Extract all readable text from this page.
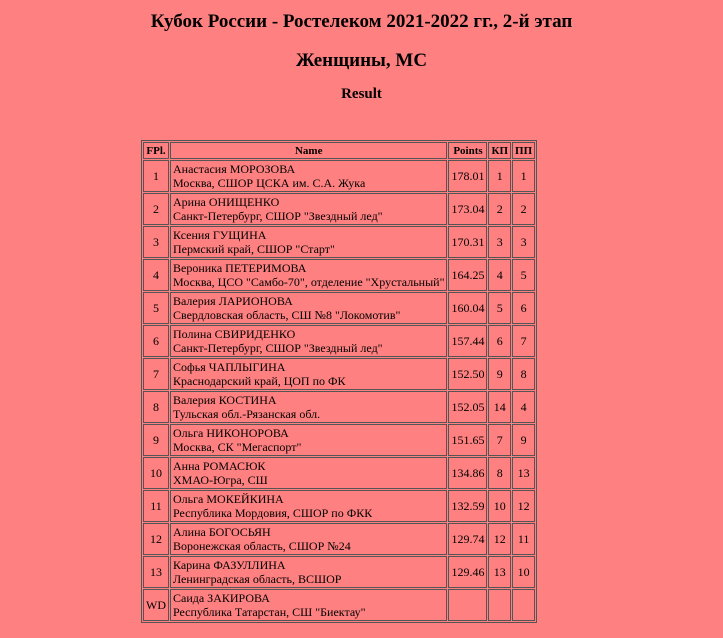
Кубок России - Ростелеком 2021-2022 гг., 2-й этап
Женщины, МС
Result
FPl.	Name	Points	КП	ПП
1	Анастасия МОРОЗОВА
Москва, СШОР ЦСКА им. С.А. Жука	178.01	1	1
2	Арина ОНИЩЕНКО
Санкт-Петербург, СШОР "Звездный лед"	173.04	2	2
3	Ксения ГУЩИНА
Пермский край, СШОР "Старт"	170.31	3	3
4	Вероника ПЕТЕРИМОВА
Москва, ЦСО "Самбо-70", отделение "Хрустальный"	164.25	4	5
5	Валерия ЛАРИОНОВА
Свердловская область, СШ №8 "Локомотив"	160.04	5	6
6	Полина СВИРИДЕНКО
Санкт-Петербург, СШОР "Звездный лед"	157.44	6	7
7	Софья ЧАПЛЫГИНА
Краснодарский край, ЦОП по ФК	152.50	9	8
8	Валерия КОСТИНА
Тульская обл.-Рязанская обл.	152.05	14	4
9	Ольга НИКОНОРОВА
Москва, СК "Мегаспорт"	151.65	7	9
10	Анна РОМАСЮК
ХМАО-Югра, СШ	134.86	8	13
11	Ольга МОКЕЙКИНА
Республика Мордовия, СШОР по ФКК	132.59	10	12
12	Алина БОГОСЬЯН
Воронежская область, СШОР №24	129.74	12	11
13	Карина ФАЗУЛЛИНА
Ленинградская область, ВСШОР	129.46	13	10
WD	Саида ЗАКИРОВА
Республика Татарстан, СШ "Биектау"			
